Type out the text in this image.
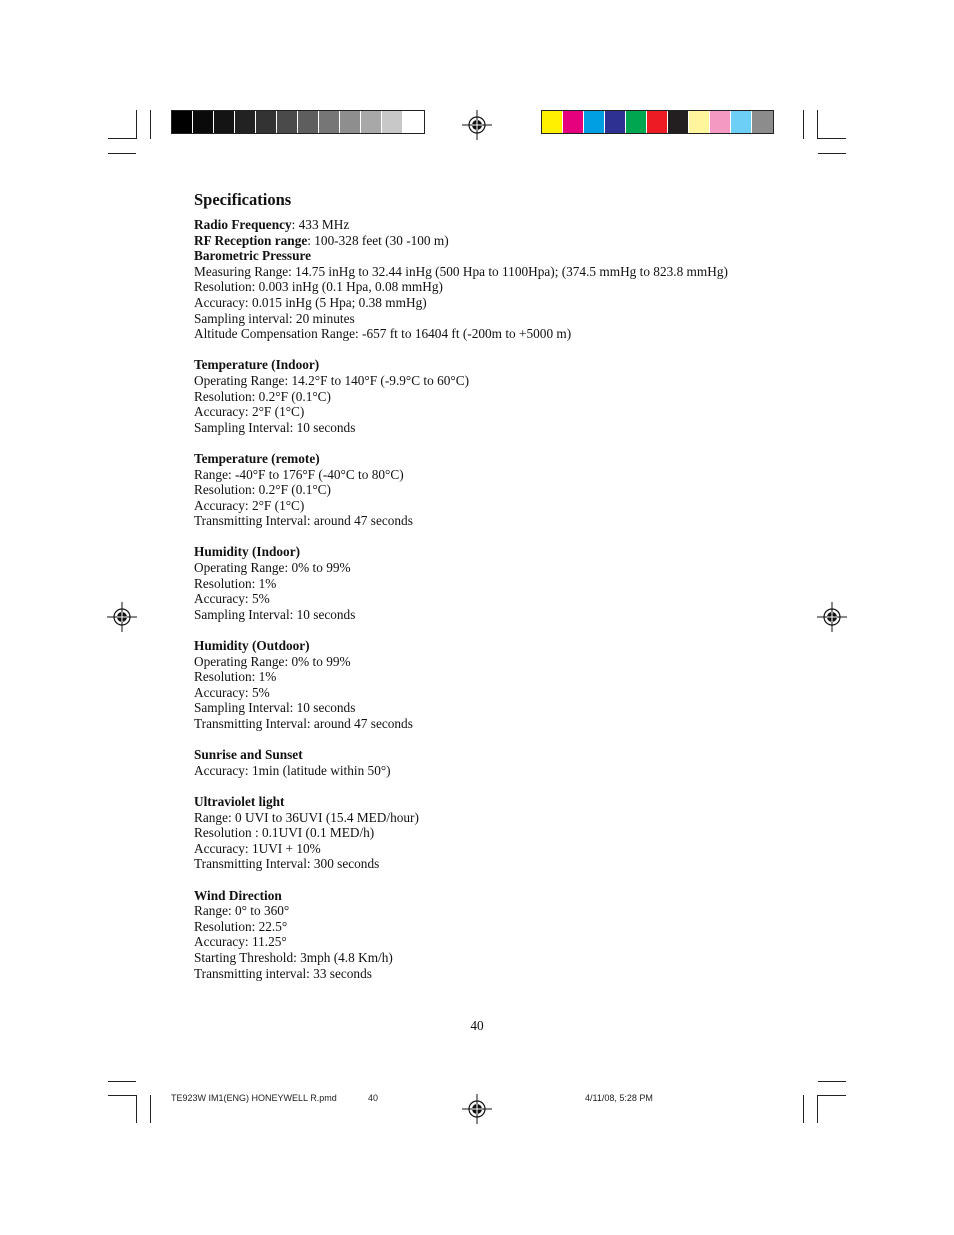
Specifications
Radio Frequency: 433 MHz
RF Reception range: 100-328 feet (30 -100 m)
Barometric Pressure
Measuring Range: 14.75 inHg to 32.44 inHg (500 Hpa to 1100Hpa); (374.5 mmHg to 823.8 mmHg)
Resolution: 0.003 inHg (0.1 Hpa, 0.08 mmHg)
Accuracy: 0.015 inHg (5 Hpa; 0.38 mmHg)
Sampling interval: 20 minutes
Altitude Compensation Range: -657 ft to 16404 ft (-200m to +5000 m)
Temperature (Indoor)
Operating Range: 14.2°F to 140°F (-9.9°C to 60°C)
Resolution: 0.2°F (0.1°C)
Accuracy: 2°F (1°C)
Sampling Interval: 10 seconds
Temperature (remote)
Range: -40°F to 176°F (-40°C to 80°C)
Resolution: 0.2°F (0.1°C)
Accuracy: 2°F (1°C)
Transmitting Interval: around 47 seconds
Humidity (Indoor)
Operating Range: 0% to 99%
Resolution: 1%
Accuracy: 5%
Sampling Interval: 10 seconds
Humidity (Outdoor)
Operating Range: 0% to 99%
Resolution: 1%
Accuracy: 5%
Sampling Interval: 10 seconds
Transmitting Interval: around 47 seconds
Sunrise and Sunset
Accuracy: 1min (latitude within 50°)
Ultraviolet light
Range: 0 UVI to 36UVI (15.4 MED/hour)
Resolution : 0.1UVI (0.1 MED/h)
Accuracy: 1UVI + 10%
Transmitting Interval: 300 seconds
Wind Direction
Range: 0° to 360°
Resolution: 22.5°
Accuracy: 11.25°
Starting Threshold: 3mph (4.8 Km/h)
Transmitting interval: 33 seconds
40
TE923W IM1(ENG) HONEYWELL R.pmd	40	4/11/08, 5:28 PM
